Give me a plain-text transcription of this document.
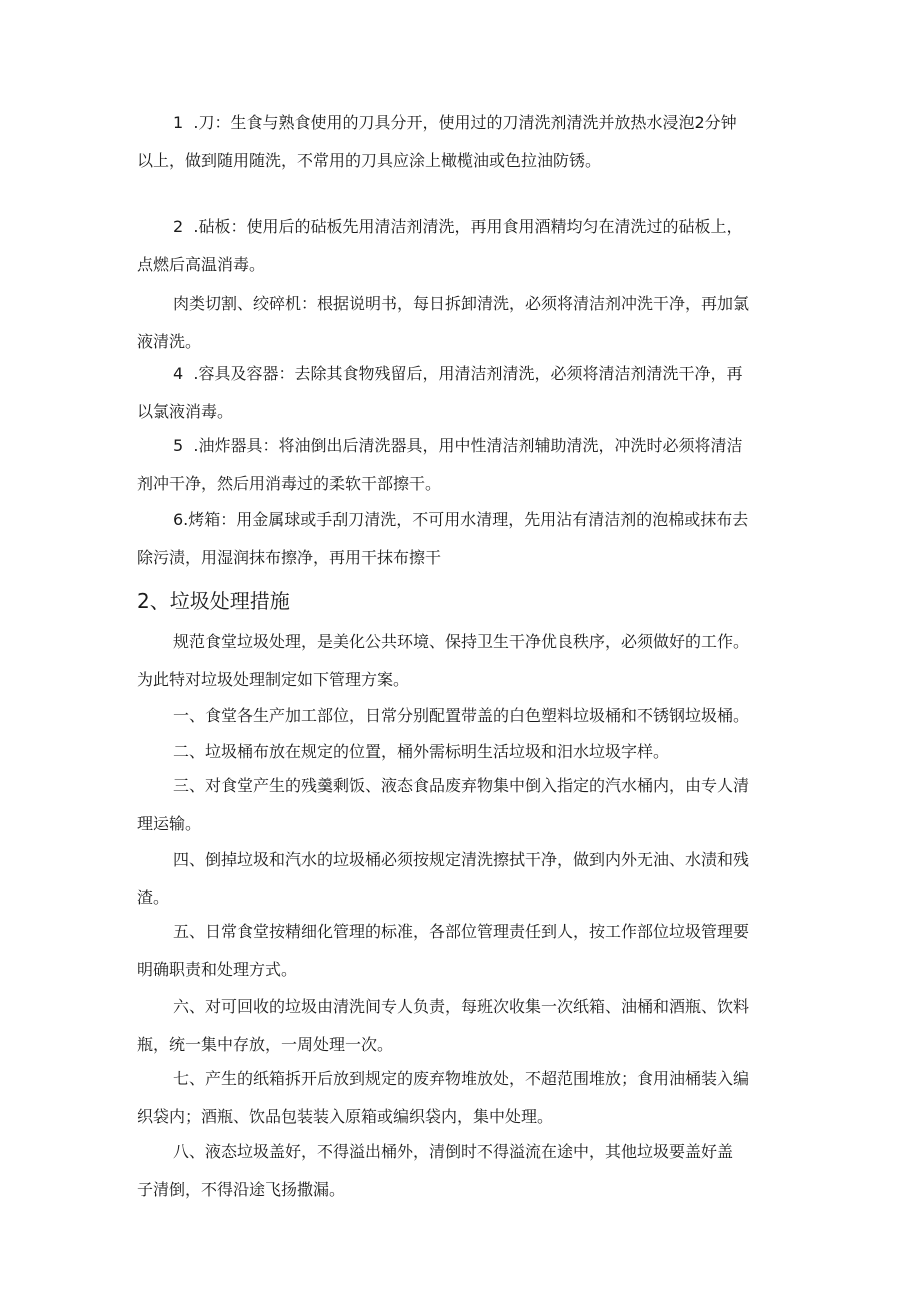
1  .刀：生食与熟食使用的刀具分开，使用过的刀清洗剂清洗并放热水浸泡2分钟
以上，做到随用随洗，不常用的刀具应涂上橄榄油或色拉油防锈。
2  .砧板：使用后的砧板先用清洁剂清洗，再用食用酒精均匀在清洗过的砧板上，
点燃后高温消毒。
肉类切割、绞碎机：根据说明书，每日拆卸清洗，必须将清洁剂冲洗干净，再加氯
液清洗。
4  .容具及容器：去除其食物残留后，用清洁剂清洗，必须将清洁剂清洗干净，再
以氯液消毒。
5  .油炸器具：将油倒出后清洗器具，用中性清洁剂辅助清洗，冲洗时必须将清洁
剂冲干净，然后用消毒过的柔软干部擦干。
6.烤箱：用金属球或手刮刀清洗，不可用水清理，先用沾有清洁剂的泡棉或抹布去
除污渍，用湿润抹布擦净，再用干抹布擦干
2、垃圾处理措施
规范食堂垃圾处理，是美化公共环境、保持卫生干净优良秩序，必须做好的工作。
为此特对垃圾处理制定如下管理方案。
一、食堂各生产加工部位，日常分别配置带盖的白色塑料垃圾桶和不锈钢垃圾桶。
二、垃圾桶布放在规定的位置，桶外需标明生活垃圾和汨水垃圾字样。
三、对食堂产生的残羹剩饭、液态食品废弃物集中倒入指定的汽水桶内，由专人清
理运输。
四、倒掉垃圾和汽水的垃圾桶必须按规定清洗擦拭干净，做到内外无油、水渍和残
渣。
五、日常食堂按精细化管理的标准，各部位管理责任到人，按工作部位垃圾管理要
明确职责和处理方式。
六、对可回收的垃圾由清洗间专人负责，每班次收集一次纸箱、油桶和酒瓶、饮料
瓶，统一集中存放，一周处理一次。
七、产生的纸箱拆开后放到规定的废弃物堆放处，不超范围堆放；食用油桶装入编
织袋内；酒瓶、饮品包装装入原箱或编织袋内，集中处理。
八、液态垃圾盖好，不得溢出桶外，清倒时不得溢流在途中，其他垃圾要盖好盖
子清倒，不得沿途飞扬撒漏。
